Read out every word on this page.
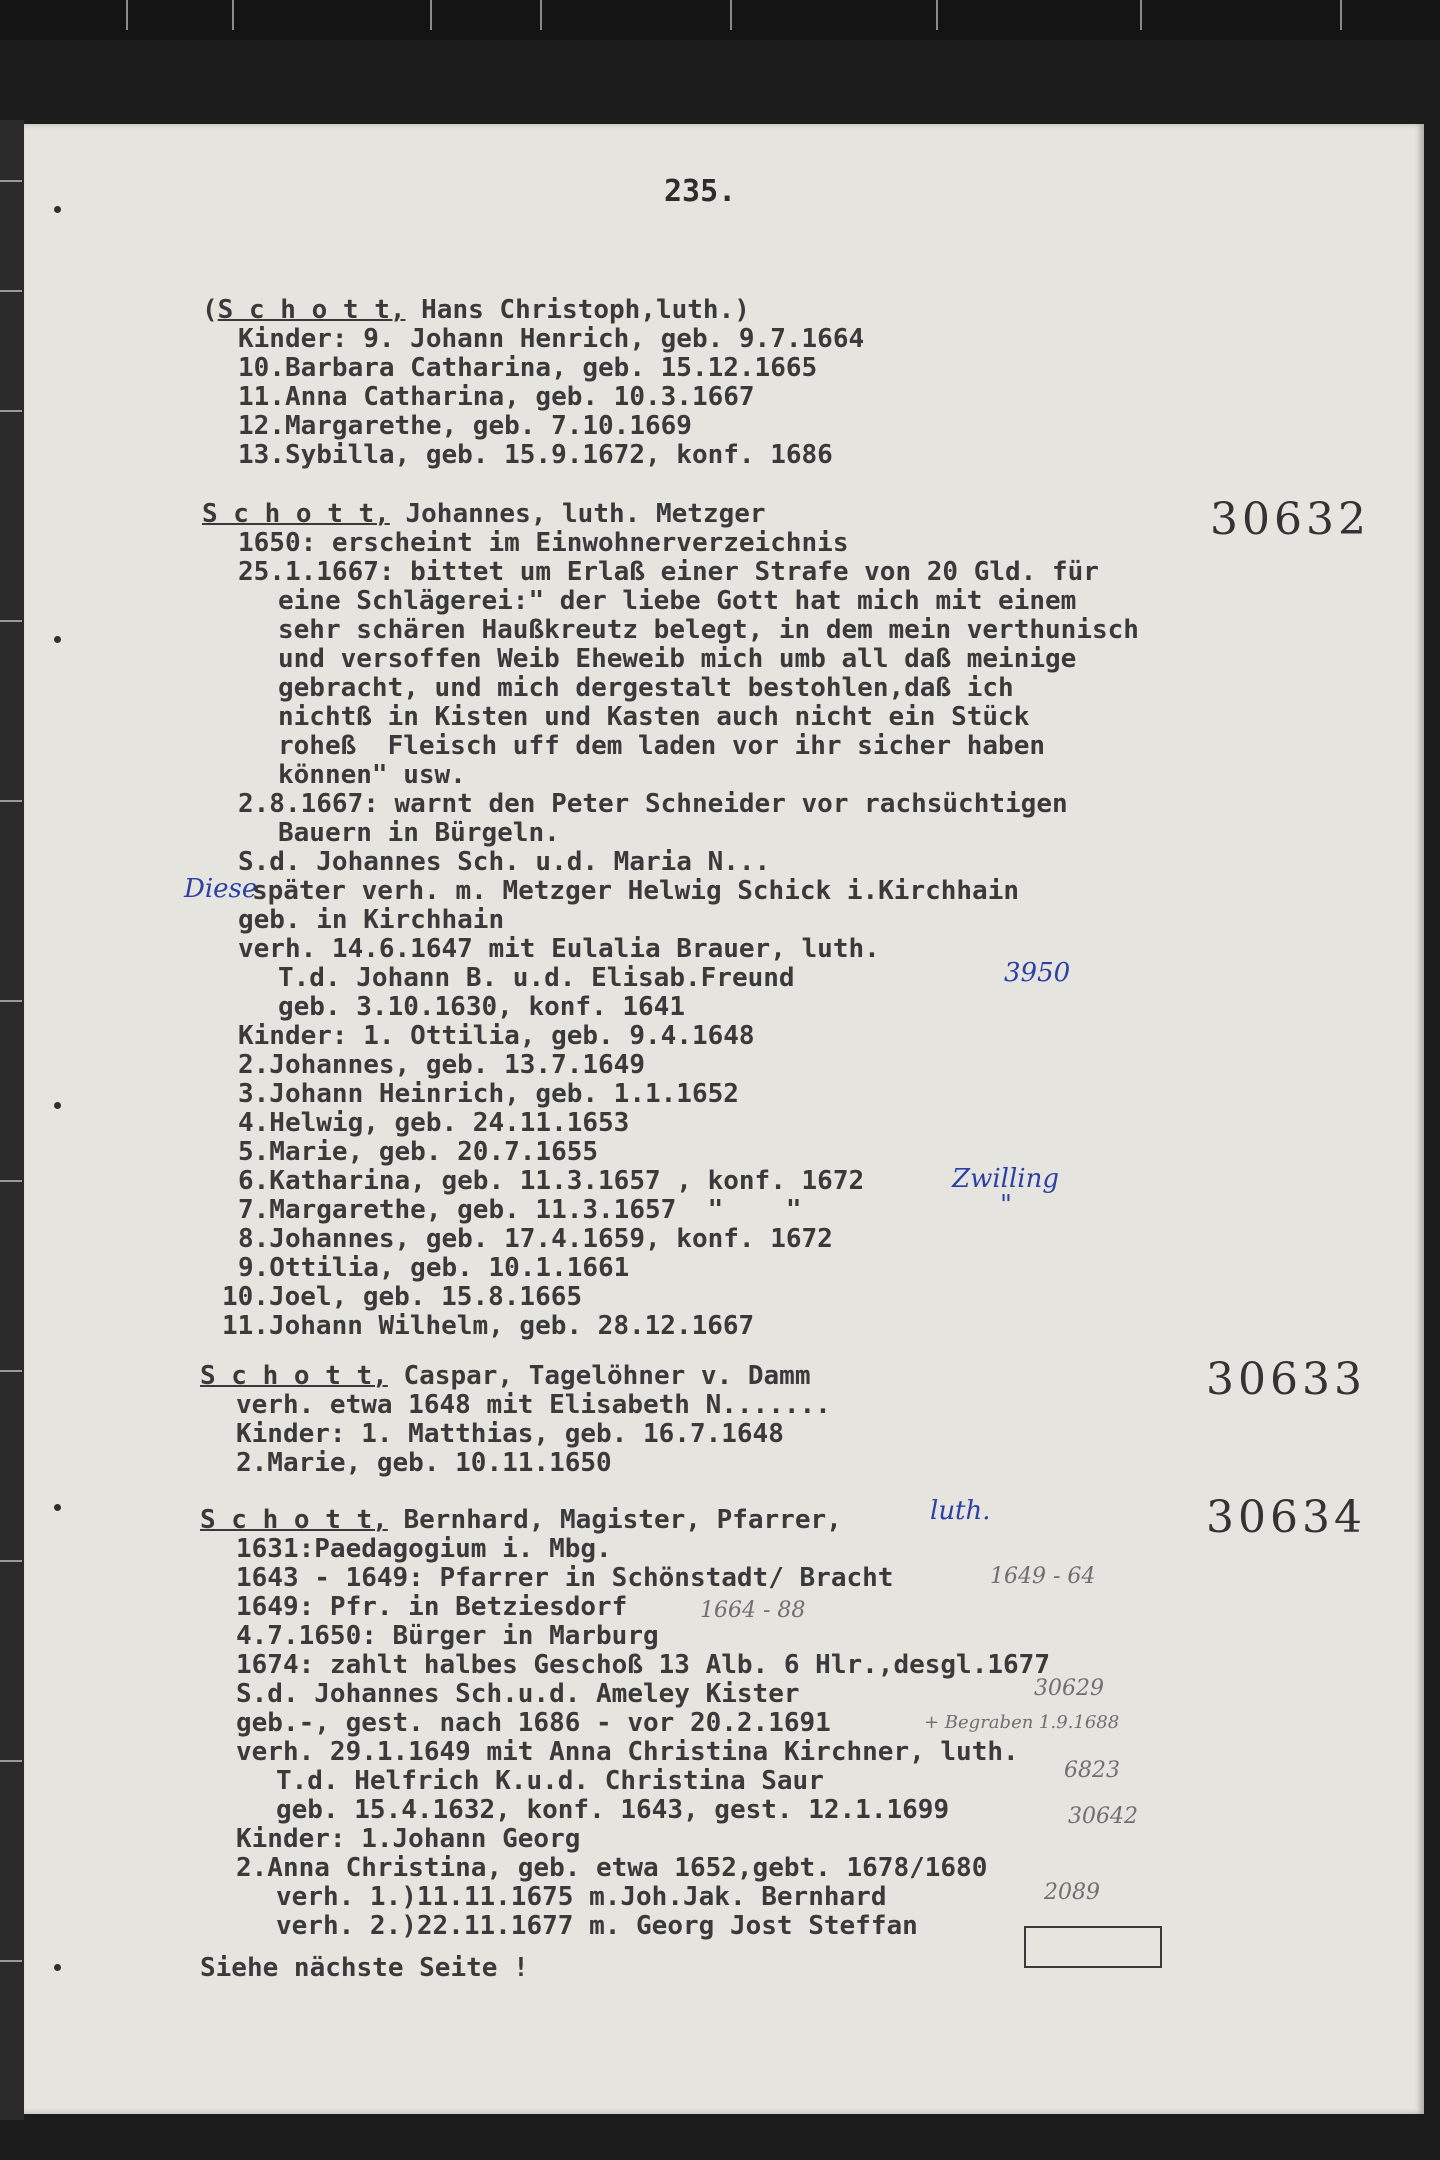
235.
(S c h o t t, Hans Christoph,luth.)
Kinder: 9. Johann Henrich, geb. 9.7.1664
10.Barbara Catharina, geb. 15.12.1665
11.Anna Catharina, geb. 10.3.1667
12.Margarethe, geb. 7.10.1669
13.Sybilla, geb. 15.9.1672, konf. 1686
30632
S c h o t t, Johannes, luth. Metzger
1650: erscheint im Einwohnerverzeichnis
25.1.1667: bittet um Erlaß einer Strafe von 20 Gld. für
eine Schlägerei:" der liebe Gott hat mich mit einem
sehr schären Haußkreutz belegt, in dem mein verthunisch
und versoffen Weib Eheweib mich umb all daß meinige
gebracht, und mich dergestalt bestohlen,daß ich
nichtß in Kisten und Kasten auch nicht ein Stück
roheß  Fleisch uff dem laden vor ihr sicher haben
können" usw.
2.8.1667: warnt den Peter Schneider vor rachsüchtigen
Bauern in Bürgeln.
S.d. Johannes Sch. u.d. Maria N...
Diese
später verh. m. Metzger Helwig Schick i.Kirchhain
geb. in Kirchhain
verh. 14.6.1647 mit Eulalia Brauer, luth.
T.d. Johann B. u.d. Elisab.Freund	3950
geb. 3.10.1630, konf. 1641
Kinder: 1. Ottilia, geb. 9.4.1648
2.Johannes, geb. 13.7.1649
3.Johann Heinrich, geb. 1.1.1652
4.Helwig, geb. 24.11.1653
5.Marie, geb. 20.7.1655
6.Katharina, geb. 11.3.1657 , konf. 1672	Zwilling
7.Margarethe, geb. 11.3.1657  "    "	"
8.Johannes, geb. 17.4.1659, konf. 1672
9.Ottilia, geb. 10.1.1661
10.Joel, geb. 15.8.1665
11.Johann Wilhelm, geb. 28.12.1667
30633
S c h o t t, Caspar, Tagelöhner v. Damm
verh. etwa 1648 mit Elisabeth N.......
Kinder: 1. Matthias, geb. 16.7.1648
2.Marie, geb. 10.11.1650
30634
S c h o t t, Bernhard, Magister, Pfarrer,	luth.
1631:Paedagogium i. Mbg.
1643 - 1649: Pfarrer in Schönstadt/ Bracht	1649 - 64
1649: Pfr. in Betziesdorf	1664 - 88
4.7.1650: Bürger in Marburg
1674: zahlt halbes Geschoß 13 Alb. 6 Hlr.,desgl.1677
S.d. Johannes Sch.u.d. Ameley Kister	30629
geb.-, gest. nach 1686 - vor 20.2.1691	+ Begraben 1.9.1688
verh. 29.1.1649 mit Anna Christina Kirchner, luth.
T.d. Helfrich K.u.d. Christina Saur	6823
geb. 15.4.1632, konf. 1643, gest. 12.1.1699	30642
Kinder: 1.Johann Georg
2.Anna Christina, geb. etwa 1652,gebt. 1678/1680
verh. 1.)11.11.1675 m.Joh.Jak. Bernhard	2089
verh. 2.)22.11.1677 m. Georg Jost Steffan
Siehe nächste Seite !
